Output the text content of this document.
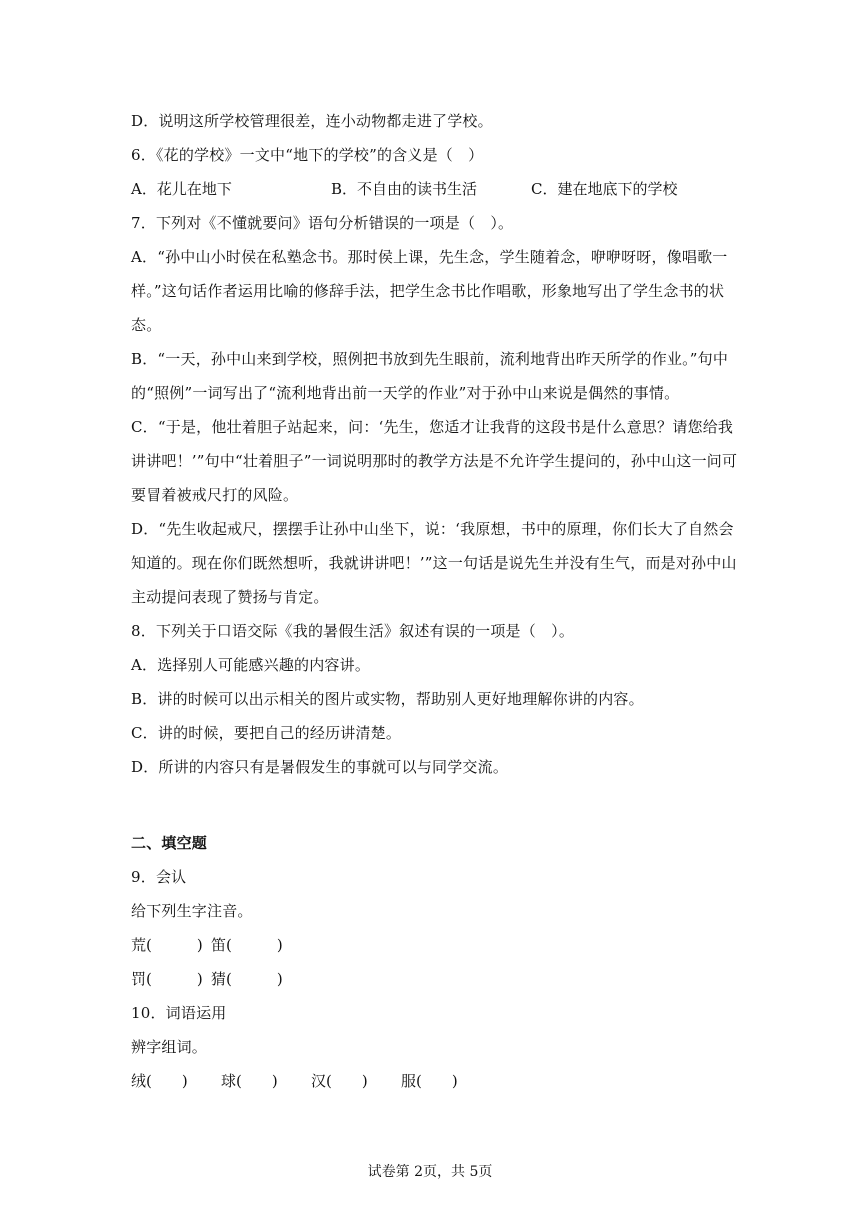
D．说明这所学校管理很差，连小动物都走进了学校。
6．《花的学校》一文中“地下的学校”的含义是（　）
A．花儿在地下	B．不自由的读书生活	C．建在地底下的学校
7．下列对《不懂就要问》语句分析错误的一项是（　）。
A．“孙中山小时侯在私塾念书。那时侯上课，先生念，学生随着念，咿咿呀呀，像唱歌一
样。”这句话作者运用比喻的修辞手法，把学生念书比作唱歌，形象地写出了学生念书的状
态。
B．“一天，孙中山来到学校，照例把书放到先生眼前，流利地背出昨天所学的作业。”句中
的“照例”一词写出了“流利地背出前一天学的作业”对于孙中山来说是偶然的事情。
C．“于是，他壮着胆子站起来，问：‘先生，您适才让我背的这段书是什么意思？请您给我
讲讲吧！’”句中“壮着胆子”一词说明那时的教学方法是不允许学生提问的，孙中山这一问可
要冒着被戒尺打的风险。
D．“先生收起戒尺，摆摆手让孙中山坐下，说：‘我原想，书中的原理，你们长大了自然会
知道的。现在你们既然想听，我就讲讲吧！’”这一句话是说先生并没有生气，而是对孙中山
主动提问表现了赞扬与肯定。
8．下列关于口语交际《我的暑假生活》叙述有误的一项是（　）。
A．选择别人可能感兴趣的内容讲。
B．讲的时候可以出示相关的图片或实物，帮助别人更好地理解你讲的内容。
C．讲的时候，要把自己的经历讲清楚。
D．所讲的内容只有是暑假发生的事就可以与同学交流。
二、填空题
9．会认
给下列生字注音。
荒(　　　) 笛(　　　)
罚(　　　) 猜(　　　)
10．词语运用
辨字组词。
绒(　　) 球(　　) 汉(　　) 服(　　)
试卷第 2页，共 5页
